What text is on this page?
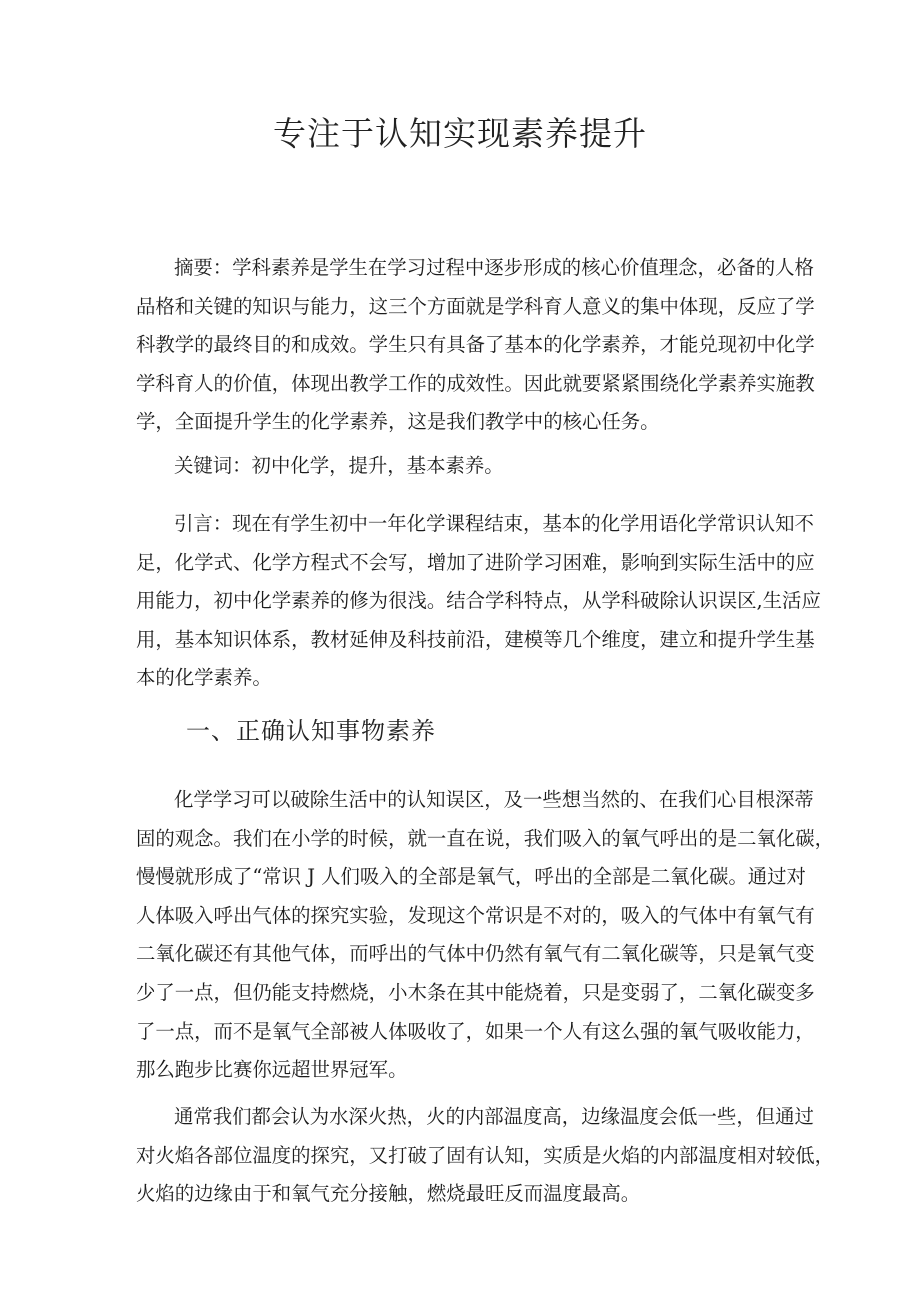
专注于认知实现素养提升
摘要：学科素养是学生在学习过程中逐步形成的核心价值理念，必备的人格
品格和关键的知识与能力，这三个方面就是学科育人意义的集中体现，反应了学
科教学的最终目的和成效。学生只有具备了基本的化学素养，才能兑现初中化学
学科育人的价值，体现出教学工作的成效性。因此就要紧紧围绕化学素养实施教
学，全面提升学生的化学素养，这是我们教学中的核心任务。
关键词：初中化学，提升，基本素养。
引言：现在有学生初中一年化学课程结束，基本的化学用语化学常识认知不
足，化学式、化学方程式不会写，增加了进阶学习困难，影响到实际生活中的应
用能力，初中化学素养的修为很浅。结合学科特点，从学科破除认识误区,生活应
用，基本知识体系，教材延伸及科技前沿，建模等几个维度，建立和提升学生基
本的化学素养。
一、正确认知事物素养
化学学习可以破除生活中的认知误区，及一些想当然的、在我们心目根深蒂
固的观念。我们在小学的时候，就一直在说，我们吸入的氧气呼出的是二氧化碳，
慢慢就形成了“常识 J 人们吸入的全部是氧气，呼出的全部是二氧化碳。通过对
人体吸入呼出气体的探究实验，发现这个常识是不对的，吸入的气体中有氧气有
二氧化碳还有其他气体，而呼出的气体中仍然有氧气有二氧化碳等，只是氧气变
少了一点，但仍能支持燃烧，小木条在其中能烧着，只是变弱了，二氧化碳变多
了一点，而不是氧气全部被人体吸收了，如果一个人有这么强的氧气吸收能力，
那么跑步比赛你远超世界冠军。
通常我们都会认为水深火热，火的内部温度高，边缘温度会低一些，但通过
对火焰各部位温度的探究，又打破了固有认知，实质是火焰的内部温度相对较低，
火焰的边缘由于和氧气充分接触，燃烧最旺反而温度最高。
